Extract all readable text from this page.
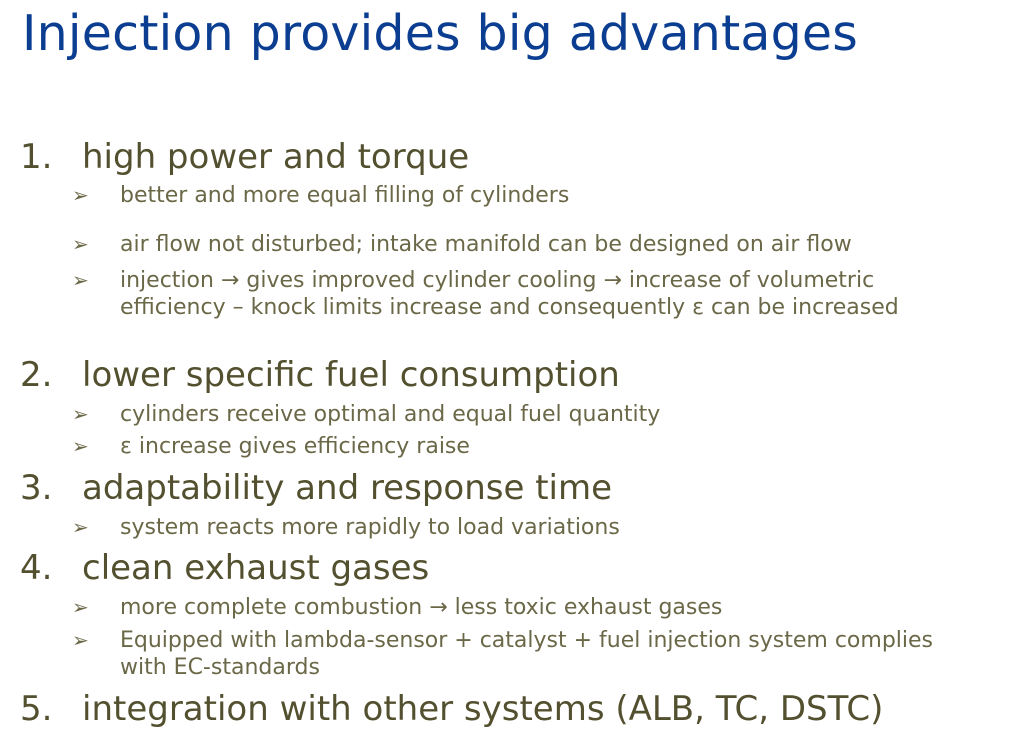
Injection provides big advantages
1. high power and torque
➢	better and more equal filling of cylinders
➢	air flow not disturbed; intake manifold can be designed on air flow
➢	injection → gives improved cylinder cooling → increase of volumetric efficiency – knock limits increase and consequently ε can be increased
2. lower specific fuel consumption
➢	cylinders receive optimal and equal fuel quantity
➢	ε increase gives efficiency raise
3. adaptability and response time
➢	system reacts more rapidly to load variations
4. clean exhaust gases
➢	more complete combustion → less toxic exhaust gases
➢	Equipped with lambda-sensor + catalyst + fuel injection system complies with EC-standards
5. integration with other systems (ALB, TC, DSTC)
